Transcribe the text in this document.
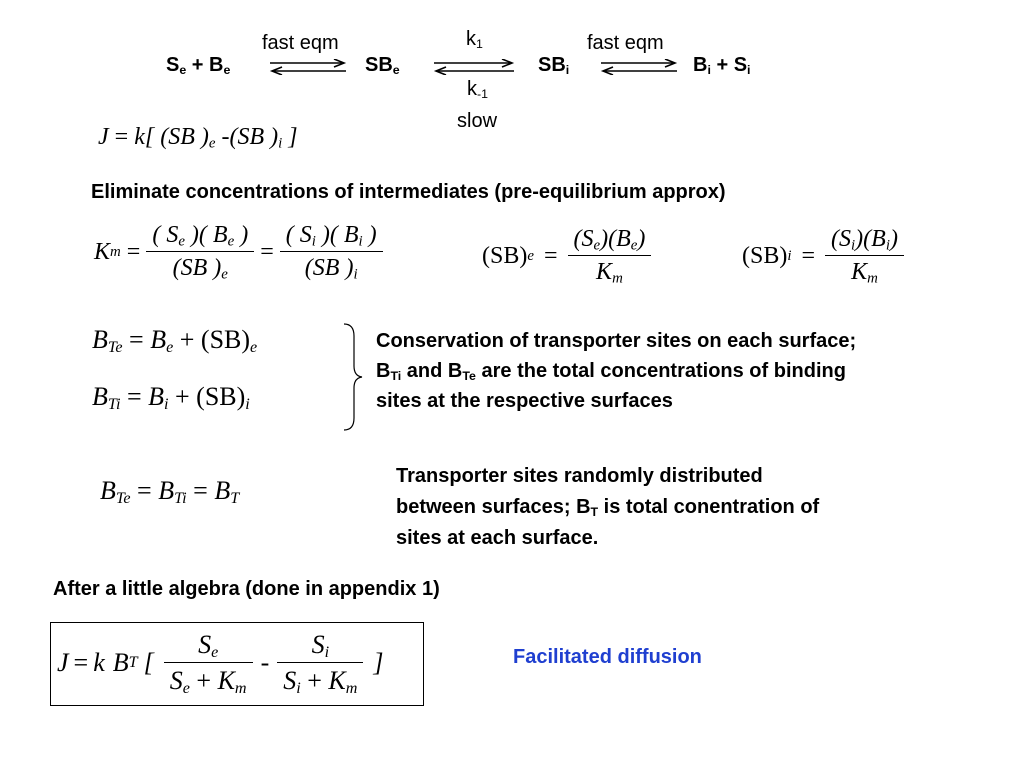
$S_e + B_e$
fast eqm
$SB_e$
$k_1$
$k_{-1}$
slow
$SB_i$
fast eqm
$B_i + S_i$
J = k[ (SB )$_e$ -(SB )$_i$ ]
Eliminate concentrations of intermediates (pre-equilibrium approx)
K $m = \frac{( S_e )( B_e )}{(SB )_e} = \frac{( S_i )( B_i )}{(SB )_i}$	(SB) $e = \frac{(S_e)(B_e)}{K_m}$	(SB) $i = \frac{(S_i)(B_i)}{K_m}$
$B_{Te} = B_e + (SB)_e$
$B_{Ti} = B_i + (SB)_i$
Conservation of transporter sites on each surface;
$B_{Ti}$ and $B_{Te}$ are the total concentrations of binding
sites at the respective surfaces
$B_{Te} = B_{Ti} = B_T$
Transporter sites randomly distributed
between surfaces; $B_T$ is total conentration of
sites at each surface.
After a little algebra (done in appendix 1)
J = k B T [ $\frac{S_e}{S_e + K_m} - \frac{S_i}{S_i + K_m}$ ]	Facilitated diffusion
